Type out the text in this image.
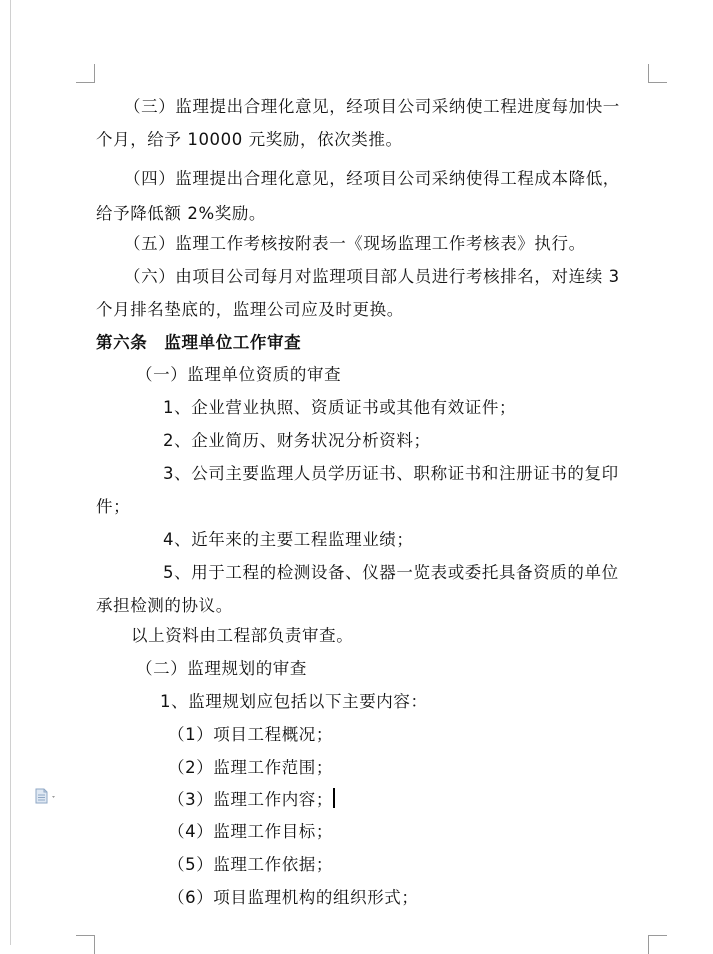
（三）监理提出合理化意见，经项目公司采纳使工程进度每加快一
个月，给予 10000 元奖励，依次类推。
（四）监理提出合理化意见，经项目公司采纳使得工程成本降低，
给予降低额 2%奖励。
（五）监理工作考核按附表一《现场监理工作考核表》执行。
（六）由项目公司每月对监理项目部人员进行考核排名，对连续 3
个月排名垫底的，监理公司应及时更换。
第六条　监理单位工作审查
（一）监理单位资质的审查
1、企业营业执照、资质证书或其他有效证件；
2、企业简历、财务状况分析资料；
3、公司主要监理人员学历证书、职称证书和注册证书的复印
件；
4、近年来的主要工程监理业绩；
5、用于工程的检测设备、仪器一览表或委托具备资质的单位
承担检测的协议。
以上资料由工程部负责审查。
（二）监理规划的审查
1、监理规划应包括以下主要内容：
（1）项目工程概况；
（2）监理工作范围；
（3）监理工作内容；
（4）监理工作目标；
（5）监理工作依据；
（6）项目监理机构的组织形式；
